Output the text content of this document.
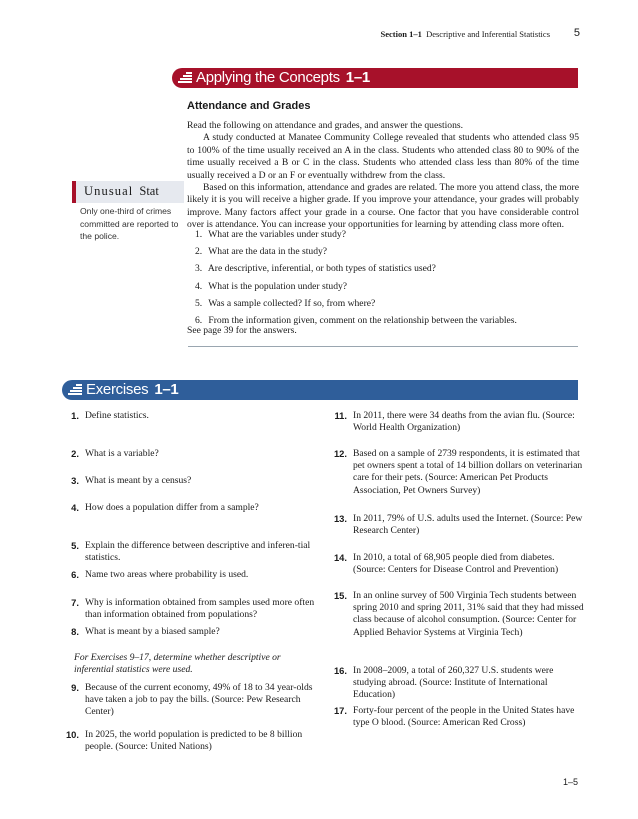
Section 1–1 Descriptive and Inferential Statistics 5
Applying the Concepts 1–1
Attendance and Grades

Read the following on attendance and grades, and answer the questions.

A study conducted at Manatee Community College revealed that students who attended class 95 to 100% of the time usually received an A in the class. Students who attended class 80 to 90% of the time usually received a B or C in the class. Students who attended class less than 80% of the time usually received a D or an F or eventually withdrew from the class.

Based on this information, attendance and grades are related. The more you attend class, the more likely it is you will receive a higher grade. If you improve your attendance, your grades will probably improve. Many factors affect your grade in a course. One factor that you have considerable control over is attendance. You can increase your opportunities for learning by attending class more often.

1. What are the variables under study?
2. What are the data in the study?
3. Are descriptive, inferential, or both types of statistics used?
4. What is the population under study?
5. Was a sample collected? If so, from where?
6. From the information given, comment on the relationship between the variables.
See page 39 for the answers.
Unusual Stat
Only one-third of crimes committed are reported to the police.
Exercises 1–1
1. Define statistics.
2. What is a variable?
3. What is meant by a census?
4. How does a population differ from a sample?
5. Explain the difference between descriptive and inferen-tial statistics.
6. Name two areas where probability is used.
7. Why is information obtained from samples used more often than information obtained from populations?
8. What is meant by a biased sample?
For Exercises 9–17, determine whether descriptive or inferential statistics were used.
9. Because of the current economy, 49% of 18 to 34 year-olds have taken a job to pay the bills. (Source: Pew Research Center)
10. In 2025, the world population is predicted to be 8 billion people. (Source: United Nations)
11. In 2011, there were 34 deaths from the avian flu. (Source: World Health Organization)
12. Based on a sample of 2739 respondents, it is estimated that pet owners spent a total of 14 billion dollars on veterinarian care for their pets. (Source: American Pet Products Association, Pet Owners Survey)
13. In 2011, 79% of U.S. adults used the Internet. (Source: Pew Research Center)
14. In 2010, a total of 68,905 people died from diabetes. (Source: Centers for Disease Control and Prevention)
15. In an online survey of 500 Virginia Tech students between spring 2010 and spring 2011, 31% said that they had missed class because of alcohol consumption. (Source: Center for Applied Behavior Systems at Virginia Tech)
16. In 2008–2009, a total of 260,327 U.S. students were studying abroad. (Source: Institute of International Education)
17. Forty-four percent of the people in the United States have type O blood. (Source: American Red Cross)
1–5
